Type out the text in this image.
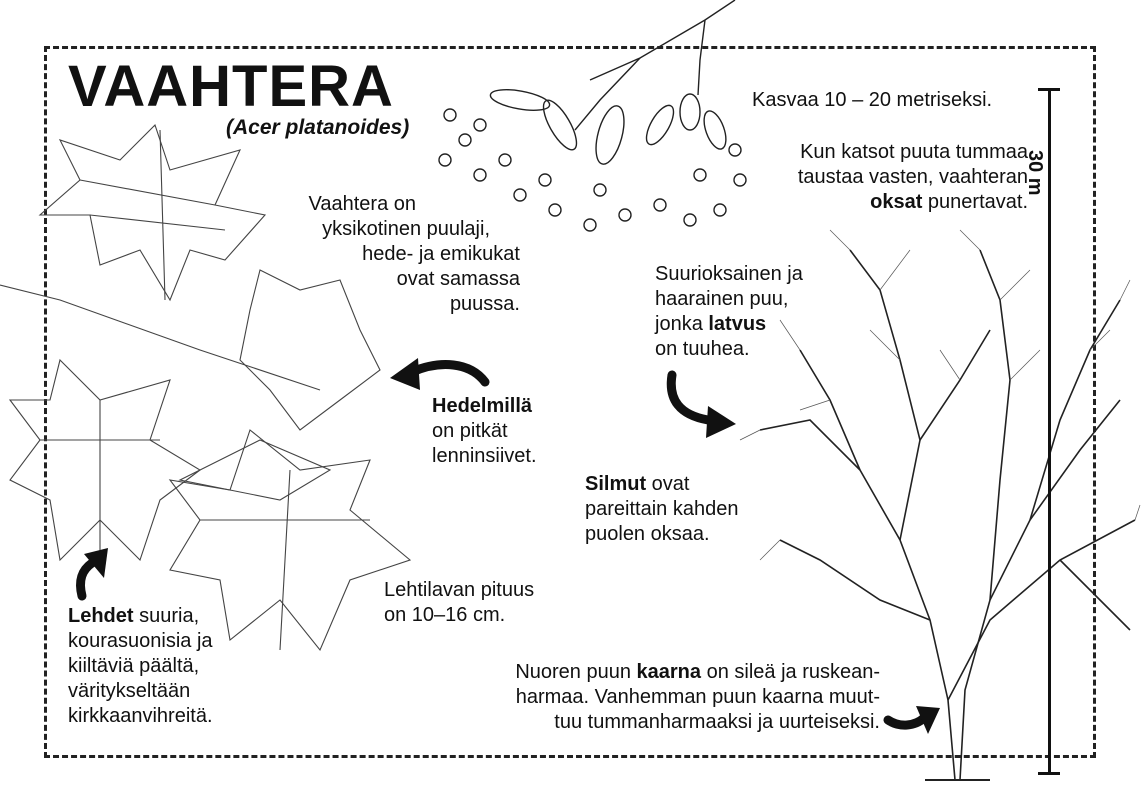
30 m
VAAHTERA
(Acer platanoides)
Kasvaa 10 – 20 metriseksi.
Kun katsot puuta tummaa
taustaa vasten, vaahteran
oksat punertavat.
Vaahtera on
yksikotinen puulaji,
hede- ja emikukat
ovat samassa
puussa.
Suurioksainen ja
haarainen puu,
jonka latvus
on tuuhea.
Hedelmillä
on pitkät
lenninsiivet.
Silmut ovat
pareittain kahden
puolen oksaa.
Lehtilavan pituus
on 10–16 cm.
Lehdet suuria,
kourasuonisia ja
kiiltäviä päältä,
väritykseltään
kirkkaanvihreitä.
Nuoren puun kaarna on sileä ja ruskean-
harmaa. Vanhemman puun kaarna muut-
tuu tummanharmaaksi ja uurteiseksi.
